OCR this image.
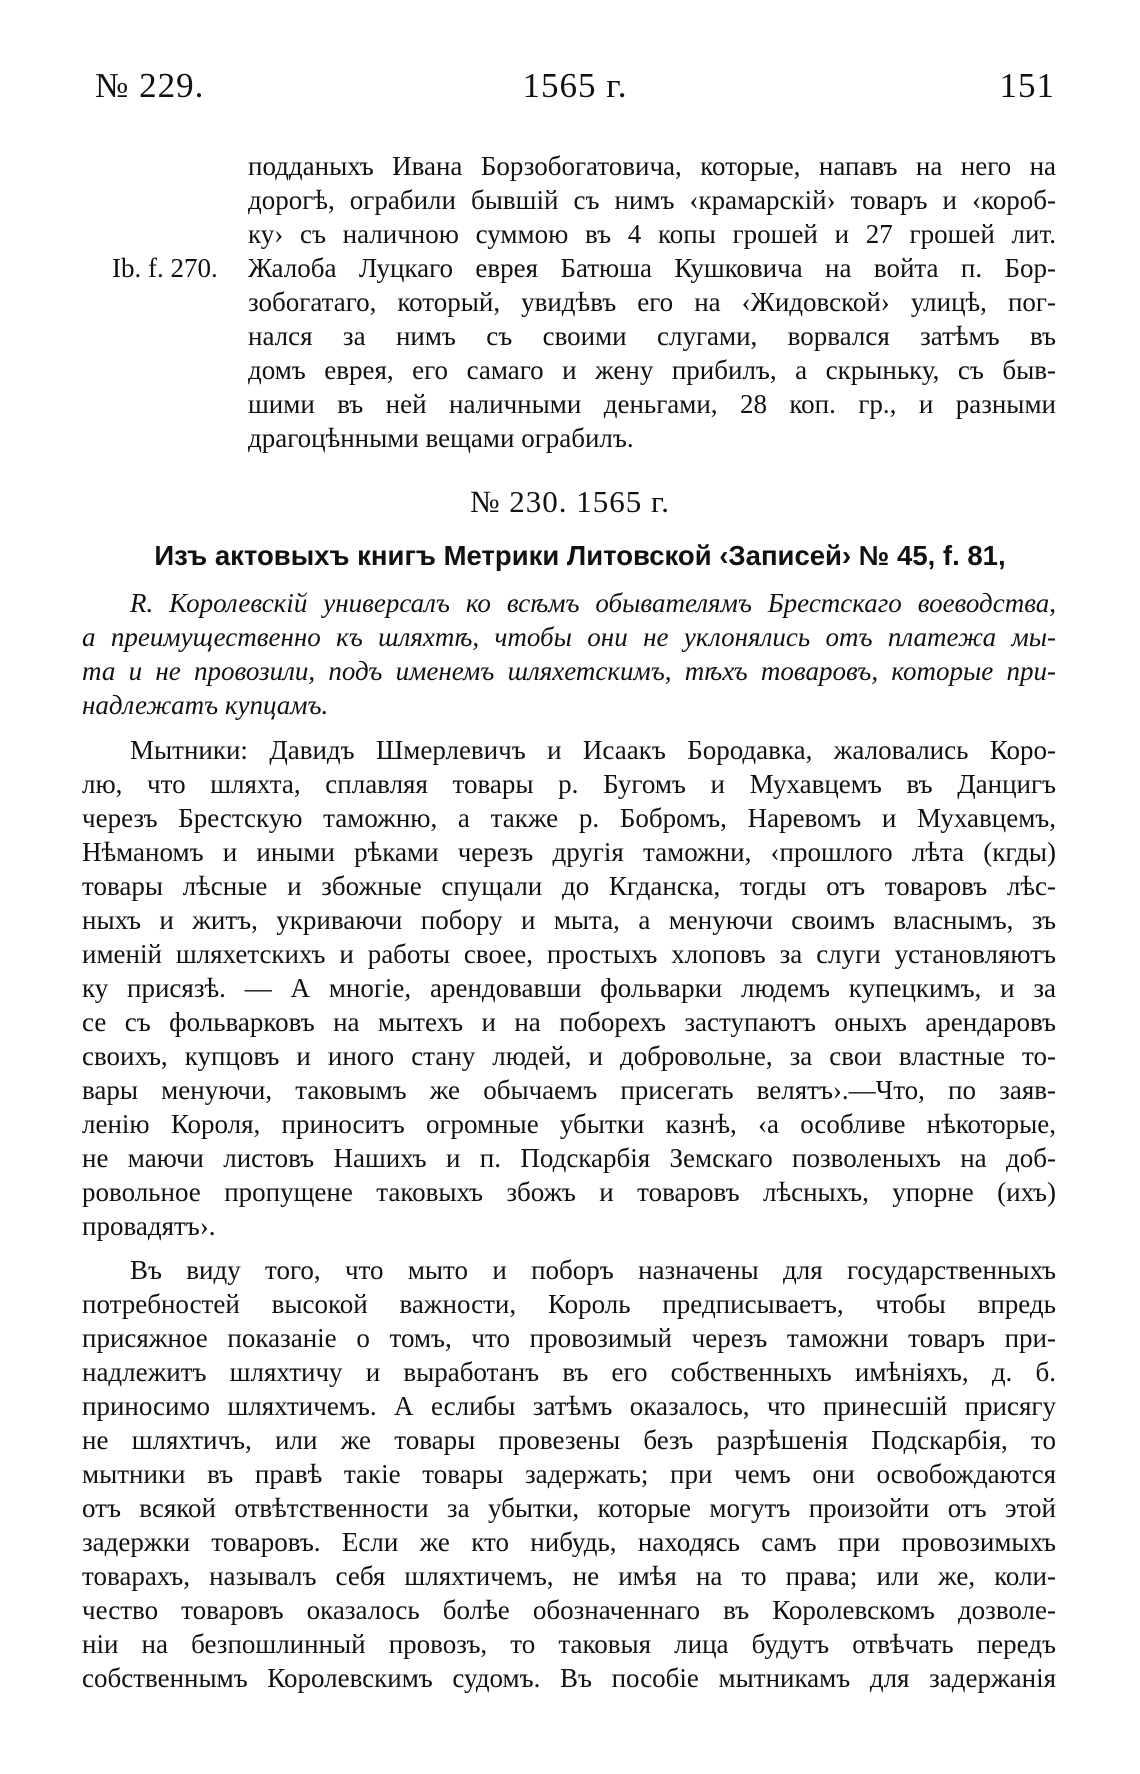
1565 г.
№ 229.	151
подданыхъ Ивана Борзобогатовича, которые, напавъ на него на
дорогѣ, ограбили бывшій съ нимъ ‹крамарскій› товаръ и ‹короб-
ку› съ наличною суммою въ 4 копы грошей и 27 грошей лит.
Ib. f. 270.	Жалоба Луцкаго еврея Батюша Кушковича на войта п. Бор-
зобогатаго, который, увидѣвъ его на ‹Жидовской› улицѣ, пог-
нался за нимъ съ своими слугами, ворвался затѣмъ въ
домъ еврея, его самаго и жену прибилъ, а скрыньку, съ быв-
шими въ ней наличными деньгами, 28 коп. гр., и разными
драгоцѣнными вещами ограбилъ.
№ 230. 1565 г.
Изъ актовыхъ книгъ Метрики Литовской ‹Записей› № 45, f. 81,
R. Королевскій универсалъ ко всѣмъ обывателямъ Брестскаго воеводства,
а преимущественно къ шляхтѣ, чтобы они не уклонялись отъ платежа мы-
та и не провозили, подъ именемъ шляхетскимъ, тѣхъ товаровъ, которые при-
надлежатъ купцамъ.
Мытники: Давидъ Шмерлевичъ и Исаакъ Бородавка, жаловались Коро-
лю, что шляхта, сплавляя товары р. Бугомъ и Мухавцемъ въ Данцигъ
черезъ Брестскую таможню, а также р. Бобромъ, Наревомъ и Мухавцемъ,
Нѣманомъ и иными рѣками черезъ другія таможни, ‹прошлого лѣта (кгды)
товары лѣсные и збожные спущали до Кгданска, тогды отъ товаровъ лѣс-
ныхъ и житъ, укриваючи побору и мыта, а менуючи своимъ власнымъ, зъ
именій шляхетскихъ и работы своее, простыхъ хлоповъ за слуги установляютъ
ку присязѣ. — А многіе, арендовавши фольварки людемъ купецкимъ, и за
се съ фольварковъ на мытехъ и на поборехъ заступаютъ оныхъ арендаровъ
своихъ, купцовъ и иного стану людей, и добровольне, за свои властные то-
вары менуючи, таковымъ же обычаемъ присегать велятъ›.—Что, по заяв-
ленію Короля, приноситъ огромные убытки казнѣ, ‹а особливе нѣкоторые,
не маючи листовъ Нашихъ и п. Подскарбія Земскаго позволеныхъ на доб-
ровольное пропущене таковыхъ збожъ и товаровъ лѣсныхъ, упорне (ихъ)
провадятъ›.
Въ виду того, что мыто и поборъ назначены для государственныхъ
потребностей высокой важности, Король предписываетъ, чтобы впредь
присяжное показаніе о томъ, что провозимый черезъ таможни товаръ при-
надлежитъ шляхтичу и выработанъ въ его собственныхъ имѣніяхъ, д. б.
приносимо шляхтичемъ. А еслибы затѣмъ оказалось, что принесшій присягу
не шляхтичъ, или же товары провезены безъ разрѣшенія Подскарбія, то
мытники въ правѣ такіе товары задержать; при чемъ они освобождаются
отъ всякой отвѣтственности за убытки, которые могутъ произойти отъ этой
задержки товаровъ. Если же кто нибудь, находясь самъ при провозимыхъ
товарахъ, называлъ себя шляхтичемъ, не имѣя на то права; или же, коли-
чество товаровъ оказалось болѣе обозначеннаго въ Королевскомъ дозволе-
ніи на безпошлинный провозъ, то таковыя лица будутъ отвѣчать передъ
собственнымъ Королевскимъ судомъ. Въ пособіе мытникамъ для задержанія
